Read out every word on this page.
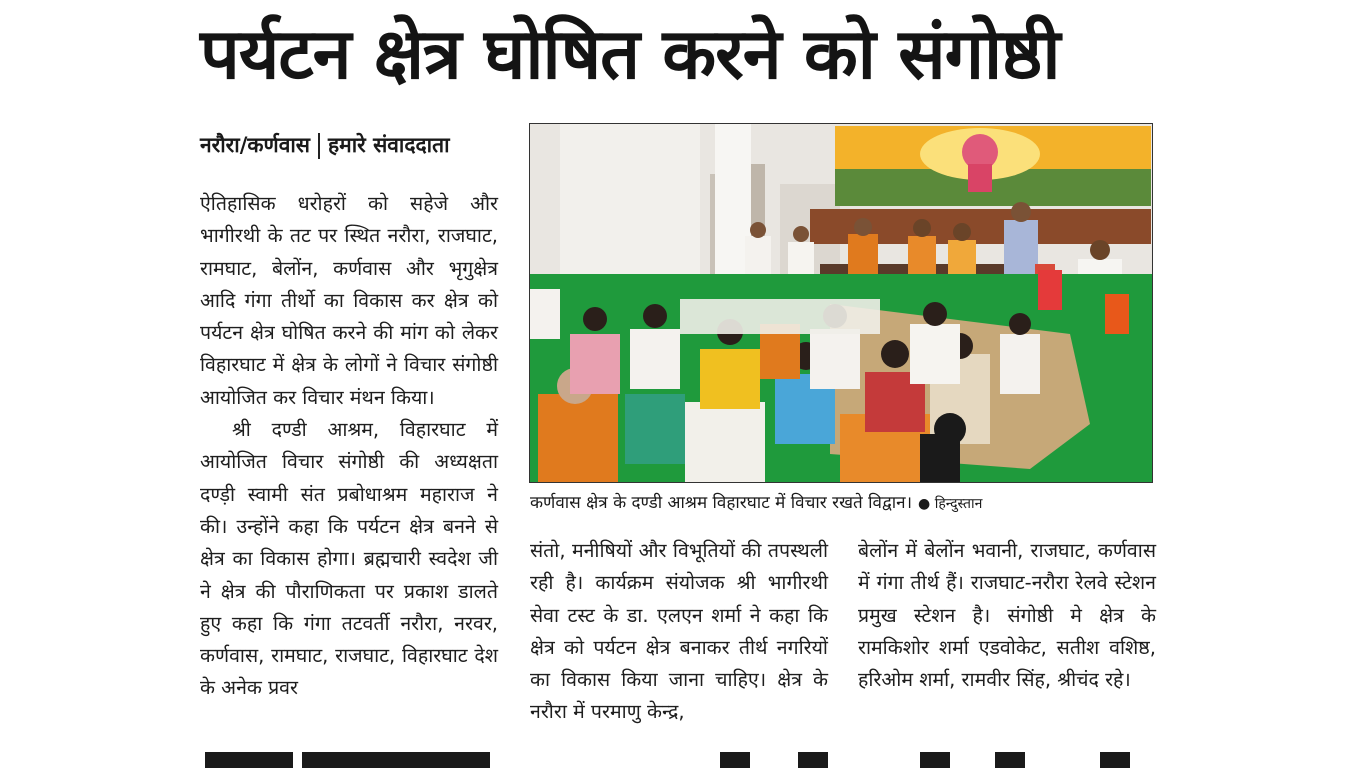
पर्यटन क्षेत्र घोषित करने को संगोष्ठी
नरौरा/कर्णवास हमारे संवाददाता

ऐतिहासिक धरोहरों को सहेजे और भागीरथी के तट पर स्थित नरौरा, राजघाट, रामघाट, बेलोंन, कर्णवास और भृगुक्षेत्र आदि गंगा तीर्थो का विकास कर क्षेत्र को पर्यटन क्षेत्र घोषित करने की मांग को लेकर विहारघाट में क्षेत्र के लोगों ने विचार संगोष्ठी आयोजित कर विचार मंथन किया।

श्री दण्डी आश्रम, विहारघाट में आयोजित विचार संगोष्ठी की अध्यक्षता दण्ड़ी स्वामी संत प्रबोधाश्रम महाराज ने की। उन्होंने कहा कि पर्यटन क्षेत्र बनने से क्षेत्र का विकास होगा। ब्रह्मचारी स्वदेश जी ने क्षेत्र की पौराणिकता पर प्रकाश डालते हुए कहा कि गंगा तटवर्ती नरौरा, नरवर, कर्णवास, रामघाट, राजघाट, विहारघाट देश के अनेक प्रवर

कर्णवास क्षेत्र के दण्डी आश्रम विहारघाट में विचार रखते विद्वान। ● हिन्दुस्तान

संतो, मनीषियों और विभूतियों की तपस्थली रही है। कार्यक्रम संयोजक श्री भागीरथी सेवा टस्ट के डा. एलएन शर्मा ने कहा कि क्षेत्र को पर्यटन क्षेत्र बनाकर तीर्थ नगरियों का विकास किया जाना चाहिए। क्षेत्र के नरौरा में परमाणु केन्द्र,

बेलोंन में बेलोंन भवानी, राजघाट, कर्णवास में गंगा तीर्थ हैं। राजघाट-नरौरा रेलवे स्टेशन प्रमुख स्टेशन है। संगोष्ठी मे क्षेत्र के रामकिशोर शर्मा एडवोकेट, सतीश वशिष्ठ, हरिओम शर्मा, रामवीर सिंह, श्रीचंद रहे।
